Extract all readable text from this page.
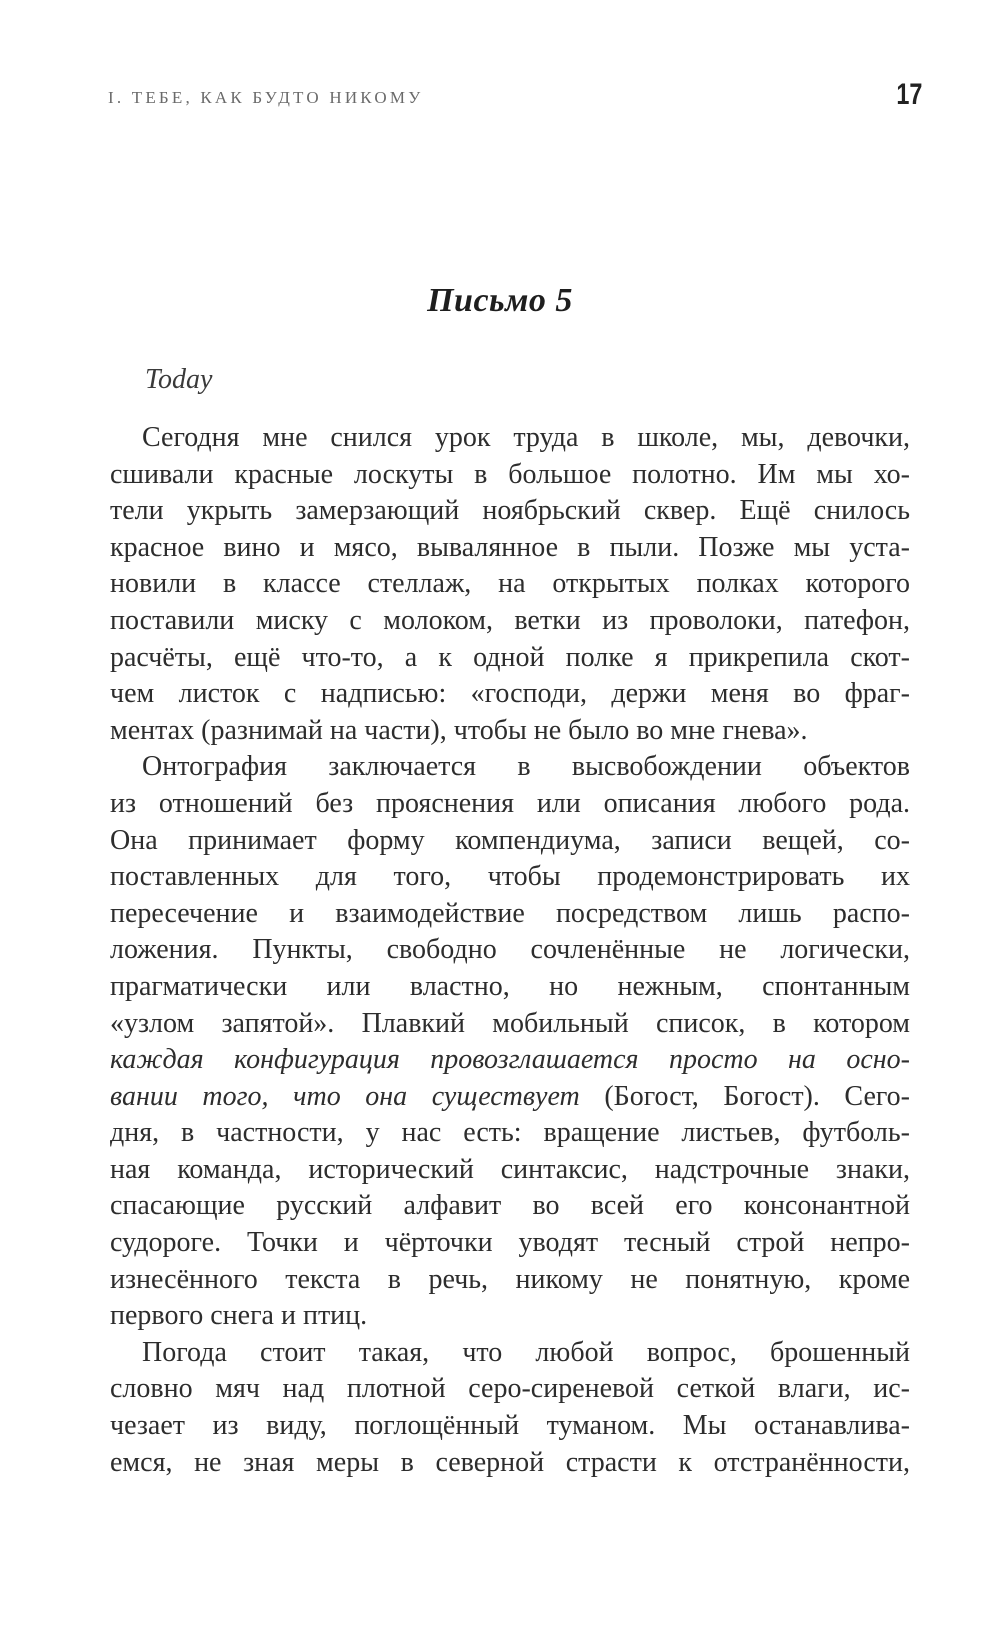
I. ТЕБЕ, КАК БУДТО НИКОМУ	17
Письмо 5
Today
Сегодня мне снился урок труда в школе, мы, девочки,
сшивали красные лоскуты в большое полотно. Им мы хо-
тели укрыть замерзающий ноябрьский сквер. Ещё снилось
красное вино и мясо, вывалянное в пыли. Позже мы уста-
новили в классе стеллаж, на открытых полках которого
поставили миску с молоком, ветки из проволоки, патефон,
расчёты, ещё что-то, а к одной полке я прикрепила скот-
чем листок с надписью: «господи, держи меня во фраг-
ментах (разнимай на части), чтобы не было во мне гнева».
Онтография заключается в высвобождении объектов
из отношений без прояснения или описания любого рода.
Она принимает форму компендиума, записи вещей, со-
поставленных для того, чтобы продемонстрировать их
пересечение и взаимодействие посредством лишь распо-
ложения. Пункты, свободно сочленённые не логически,
прагматически или властно, но нежным, спонтанным
«узлом запятой». Плавкий мобильный список, в котором
каждая конфигурация провозглашается просто на осно-
вании того, что она существует (Богост, Богост). Сего-
дня, в частности, у нас есть: вращение листьев, футболь-
ная команда, исторический синтаксис, надстрочные знаки,
спасающие русский алфавит во всей его консонантной
судороге. Точки и чёрточки уводят тесный строй непро-
изнесённого текста в речь, никому не понятную, кроме
первого снега и птиц.
Погода стоит такая, что любой вопрос, брошенный
словно мяч над плотной серо-сиреневой сеткой влаги, ис-
чезает из виду, поглощённый туманом. Мы останавлива-
емся, не зная меры в северной страсти к отстранённости,
